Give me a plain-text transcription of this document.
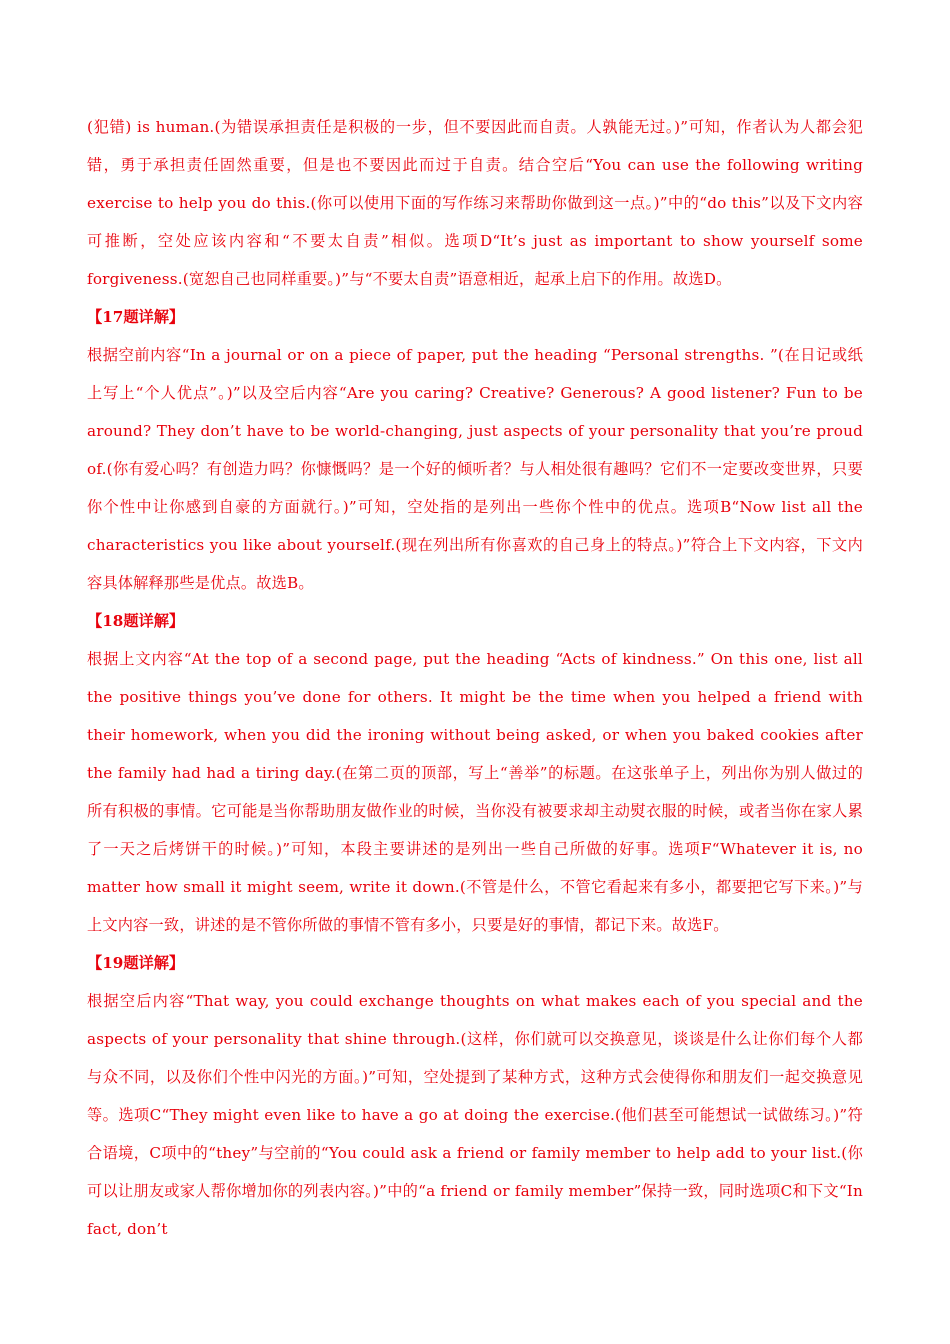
(犯错) is human.(为错误承担责任是积极的一步，但不要因此而自责。人孰能无过。)”可知，作者认为人都会犯错，勇于承担责任固然重要，但是也不要因此而过于自责。结合空后“You can use the following writing exercise to help you do this.(你可以使用下面的写作练习来帮助你做到这一点。)”中的“do this”以及下文内容可推断，空处应该内容和“不要太自责”相似。选项D“It’s just as important to show yourself some forgiveness.(宽恕自己也同样重要。)”与“不要太自责”语意相近，起承上启下的作用。故选D。

【17题详解】

根据空前内容“In a journal or on a piece of paper, put the heading “Personal strengths. ”(在日记或纸上写上“个人优点”。)”以及空后内容“Are you caring? Creative? Generous? A good listener? Fun to be around? They don’t have to be world-changing, just aspects of your personality that you’re proud of.(你有爱心吗？有创造力吗？你慷慨吗？是一个好的倾听者？与人相处很有趣吗？它们不一定要改变世界，只要你个性中让你感到自豪的方面就行。)”可知，空处指的是列出一些你个性中的优点。选项B“Now list all the characteristics you like about yourself.(现在列出所有你喜欢的自己身上的特点。)”符合上下文内容，下文内容具体解释那些是优点。故选B。

【18题详解】

根据上文内容“At the top of a second page, put the heading “Acts of kindness.” On this one, list all the positive things you’ve done for others. It might be the time when you helped a friend with their homework, when you did the ironing without being asked, or when you baked cookies after the family had had a tiring day.(在第二页的顶部，写上“善举”的标题。在这张单子上，列出你为别人做过的所有积极的事情。它可能是当你帮助朋友做作业的时候，当你没有被要求却主动熨衣服的时候，或者当你在家人累了一天之后烤饼干的时候。)”可知，本段主要讲述的是列出一些自己所做的好事。选项F“Whatever it is, no matter how small it might seem, write it down.(不管是什么，不管它看起来有多小，都要把它写下来。)”与上文内容一致，讲述的是不管你所做的事情不管有多小，只要是好的事情，都记下来。故选F。

【19题详解】

根据空后内容“That way, you could exchange thoughts on what makes each of you special and the aspects of your personality that shine through.(这样，你们就可以交换意见，谈谈是什么让你们每个人都与众不同，以及你们个性中闪光的方面。)”可知，空处提到了某种方式，这种方式会使得你和朋友们一起交换意见等。选项C“They might even like to have a go at doing the exercise.(他们甚至可能想试一试做练习。)”符合语境，C项中的“they”与空前的“You could ask a friend or family member to help add to your list.(你可以让朋友或家人帮你增加你的列表内容。)”中的“a friend or family member”保持一致，同时选项C和下文“In fact, don’t
